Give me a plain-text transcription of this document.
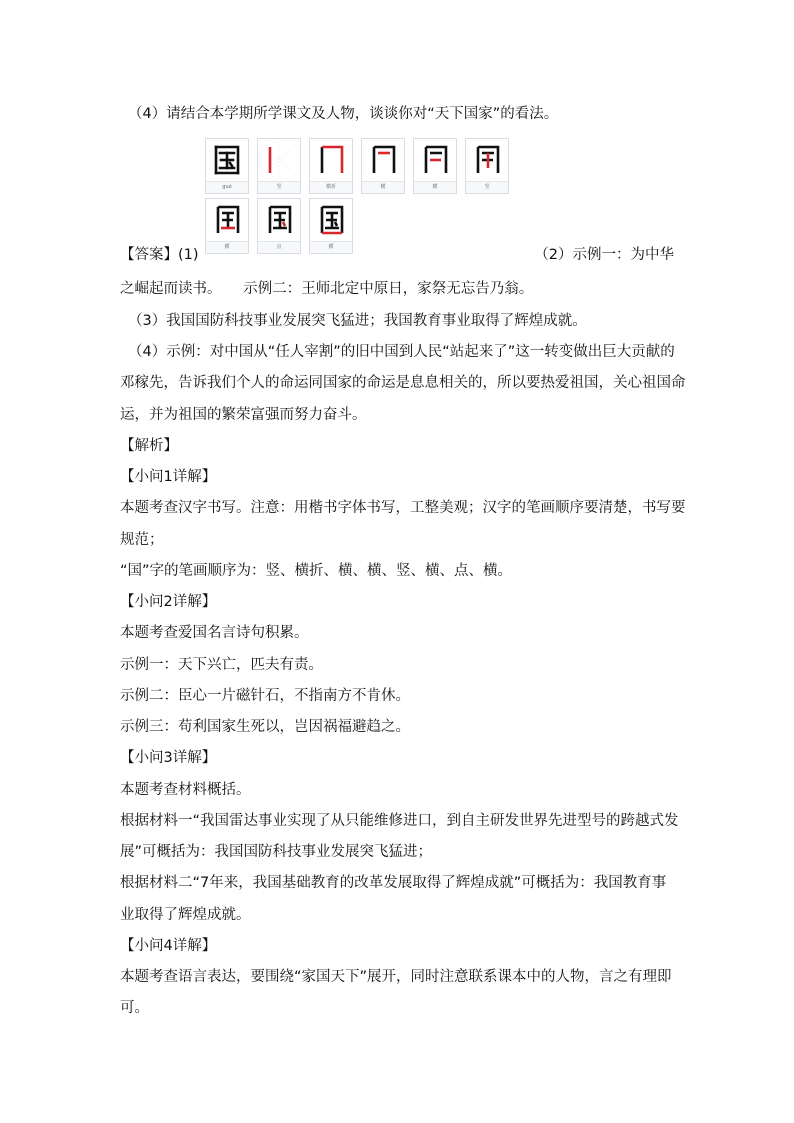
（4）请结合本学期所学课文及人物，谈谈你对“天下国家”的看法。
guó	竖	横折	横	横	竖
横	点	横
【答案】(1)	（2）示例一：为中华
之崛起而读书。　　示例二：王师北定中原日，家祭无忘告乃翁。
（3）我国国防科技事业发展突飞猛进；我国教育事业取得了辉煌成就。
（4）示例：对中国从“任人宰割”的旧中国到人民“站起来了”这一转变做出巨大贡献的
邓稼先，告诉我们个人的命运同国家的命运是息息相关的，所以要热爱祖国，关心祖国命
运，并为祖国的繁荣富强而努力奋斗。
【解析】
【小问1详解】
本题考查汉字书写。注意：用楷书字体书写，工整美观；汉字的笔画顺序要清楚，书写要
规范；
“国”字的笔画顺序为：竖、横折、横、横、竖、横、点、横。
【小问2详解】
本题考查爱国名言诗句积累。
示例一：天下兴亡，匹夫有责。
示例二：臣心一片磁针石，不指南方不肯休。
示例三：苟利国家生死以，岂因祸福避趋之。
【小问3详解】
本题考查材料概括。
根据材料一“我国雷达事业实现了从只能维修进口，到自主研发世界先进型号的跨越式发
展”可概括为：我国国防科技事业发展突飞猛进；
根据材料二“7年来，我国基础教育的改革发展取得了辉煌成就”可概括为：我国教育事
业取得了辉煌成就。
【小问4详解】
本题考查语言表达，要围绕“家国天下”展开，同时注意联系课本中的人物，言之有理即
可。
